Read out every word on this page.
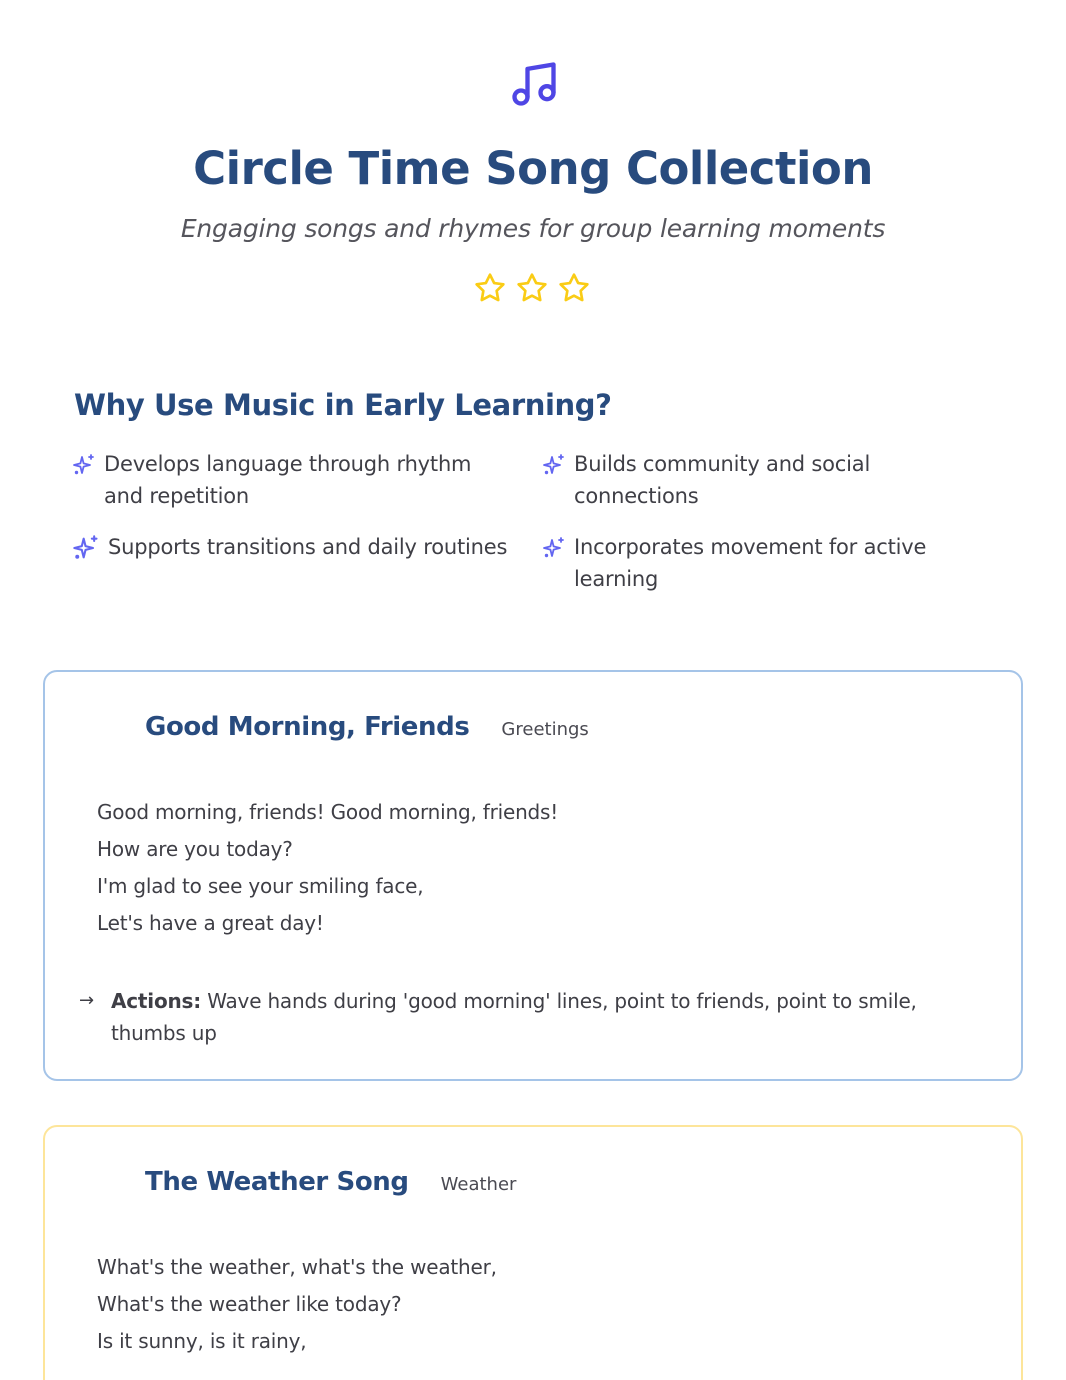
Circle Time Song Collection

Engaging songs and rhymes for group learning moments

Why Use Music in Early Learning?
Develops language through rhythm and repetition
Builds community and social connections
Supports transitions and daily routines	Incorporates movement for active learning
Good Morning, Friends Greetings
Good morning, friends! Good morning, friends!
How are you today?
I'm glad to see your smiling face,
Let's have a great day!
→ Actions: Wave hands during 'good morning' lines, point to friends, point to smile, thumbs up
The Weather Song Weather
What's the weather, what's the weather,
What's the weather like today?
Is it sunny, is it rainy,
